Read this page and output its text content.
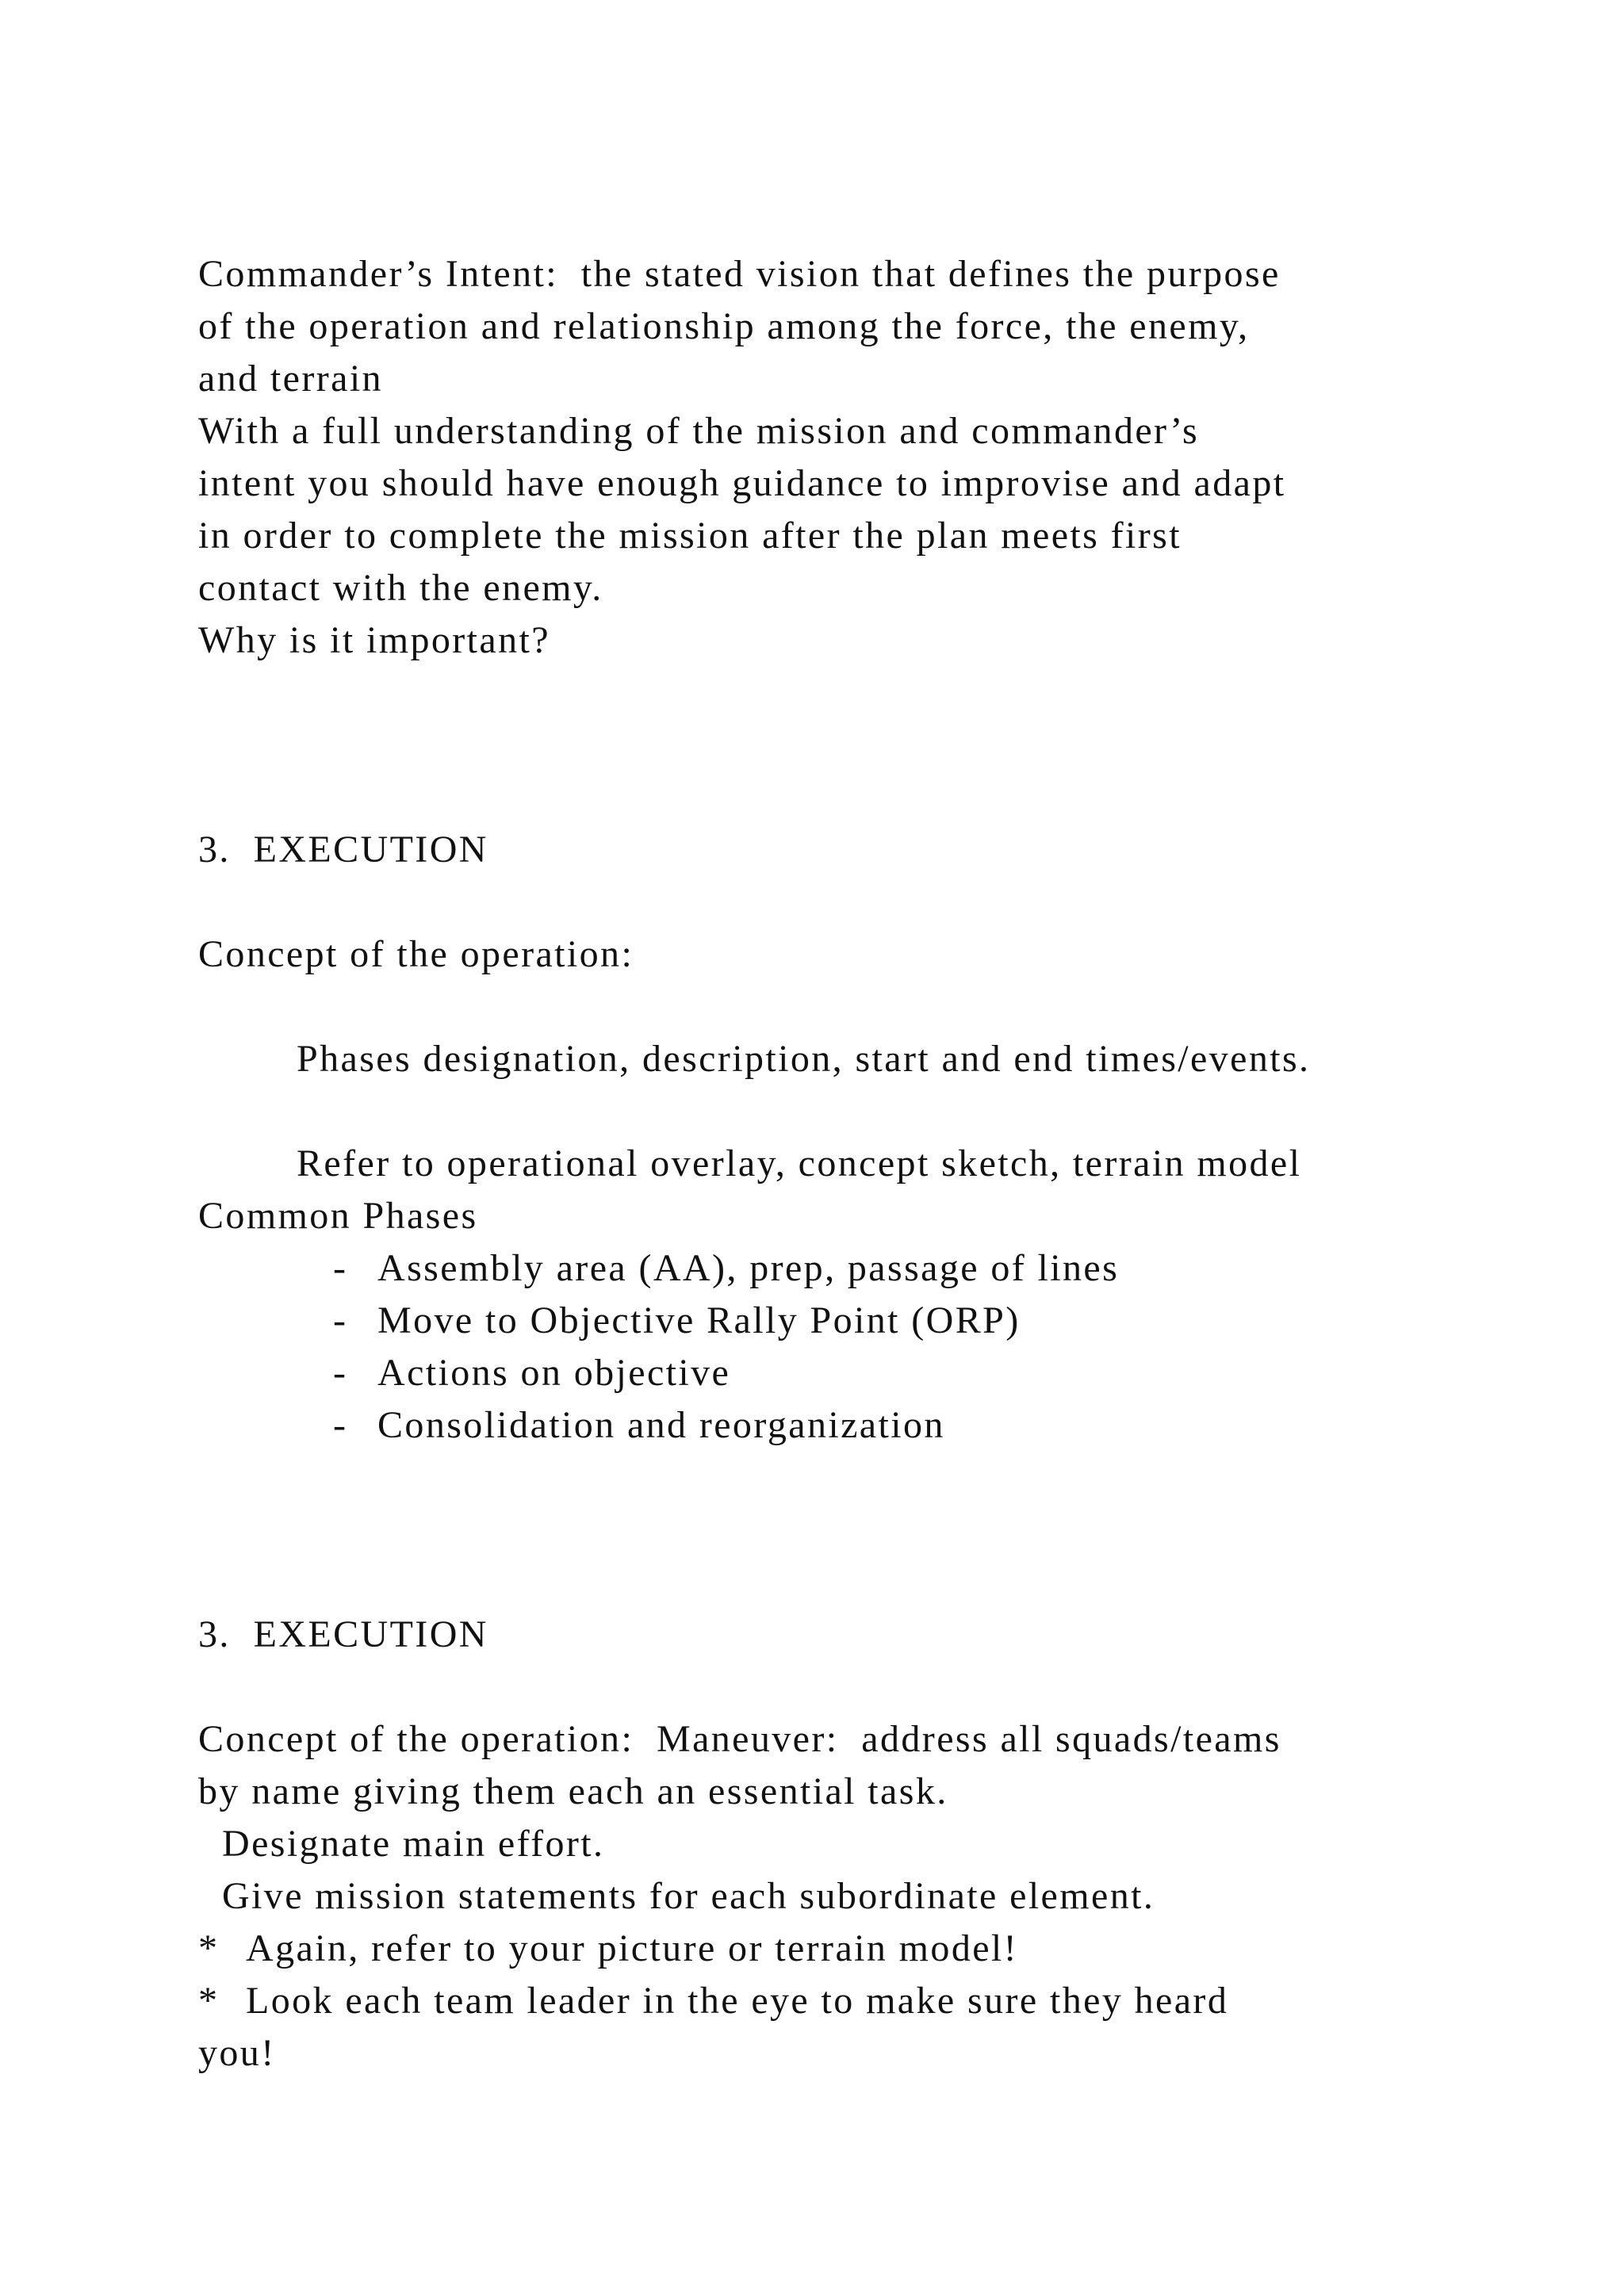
Commander’s Intent:  the stated vision that defines the purpose
of the operation and relationship among the force, the enemy,
and terrain
With a full understanding of the mission and commander’s
intent you should have enough guidance to improvise and adapt
in order to complete the mission after the plan meets first
contact with the enemy.
Why is it important?
3.  EXECUTION
Concept of the operation:
Phases designation, description, start and end times/events.
Refer to operational overlay, concept sketch, terrain model
Common Phases
- Assembly area (AA), prep, passage of lines
- Move to Objective Rally Point (ORP)
- Actions on objective
- Consolidation and reorganization
3.  EXECUTION
Concept of the operation:  Maneuver:  address all squads/teams
by name giving them each an essential task.
Designate main effort.
Give mission statements for each subordinate element.
* Again, refer to your picture or terrain model!
* Look each team leader in the eye to make sure they heard
you!
